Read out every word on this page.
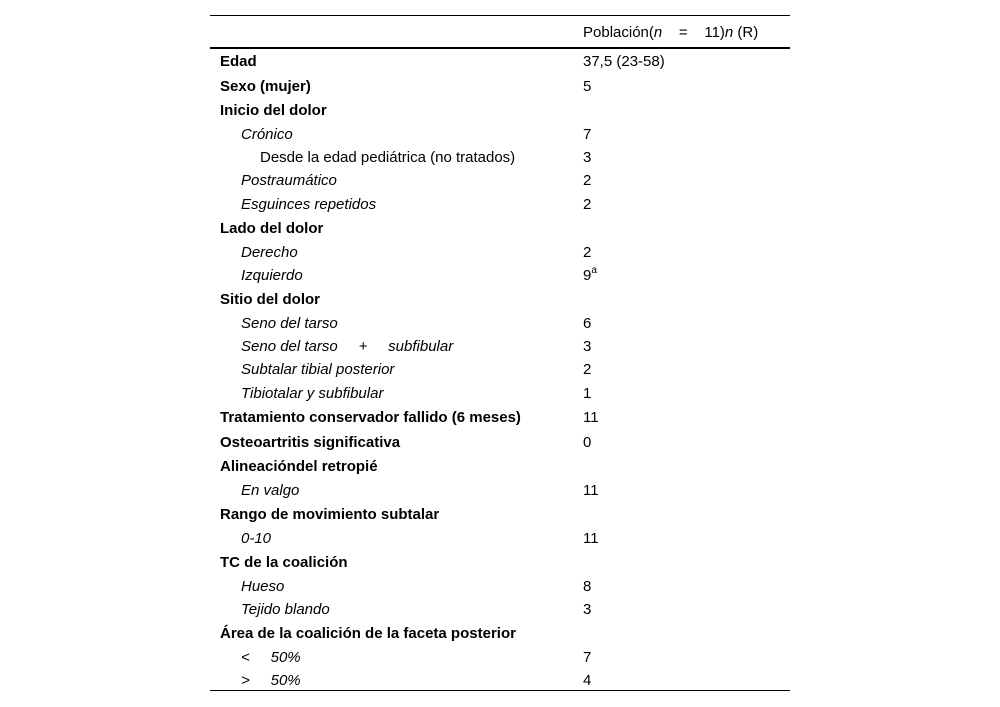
Población(n    =    11)n (R)
Edad	37,5 (23-58)
Sexo (mujer)	5
Inicio del dolor
Crónico	7
Desde la edad pediátrica (no tratados)	3
Postraumático	2
Esguinces repetidos	2
Lado del dolor
Derecho	2
Izquierdo	9$^a$
Sitio del dolor
Seno del tarso	6
Seno del tarso     +     subfibular	3
Subtalar tibial posterior	2
Tibiotalar y subfibular	1
Tratamiento conservador fallido (6 meses)	11
Osteoartritis significativa	0
Alineacióndel retropié
En valgo	11
Rango de movimiento subtalar
0-10	11
TC de la coalición
Hueso	8
Tejido blando	3
Área de la coalición de la faceta posterior
<     50%	7
>     50%	4
